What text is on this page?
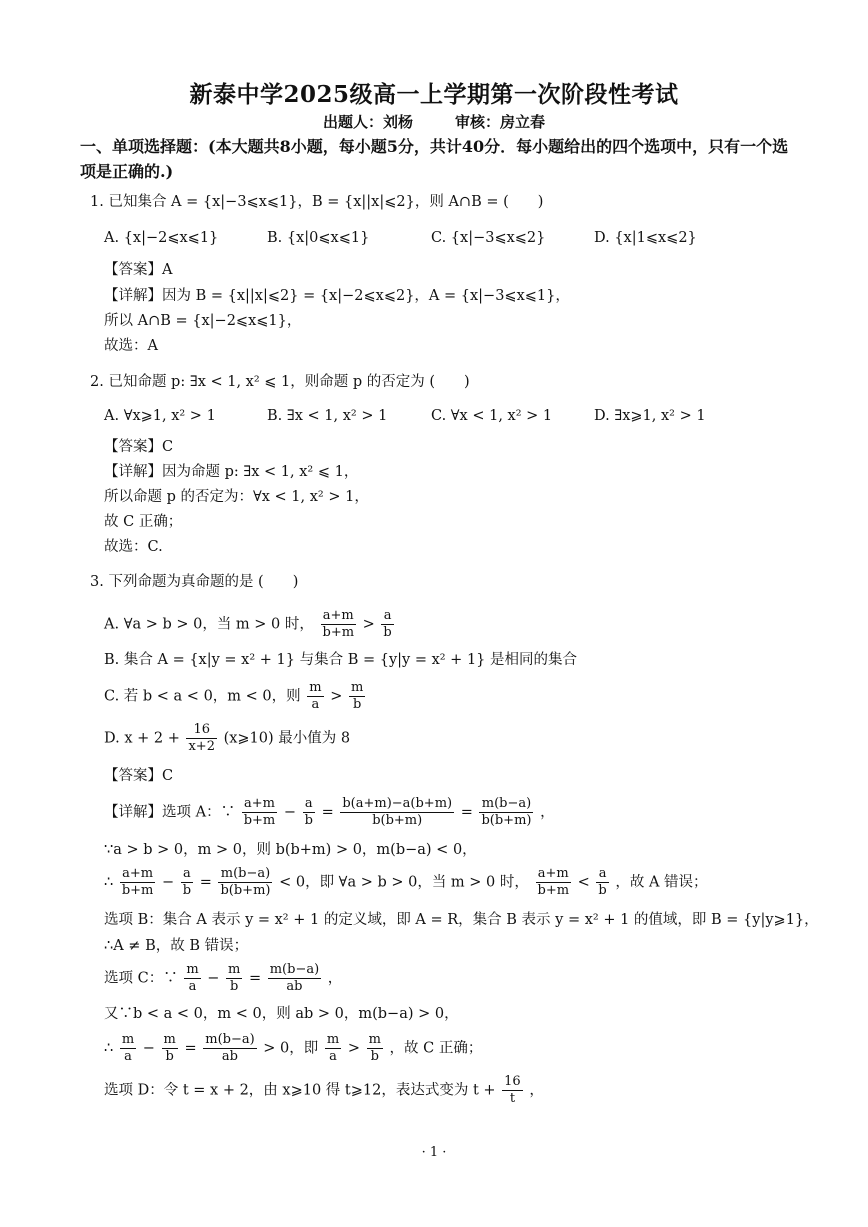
新泰中学2025级高一上学期第一次阶段性考试
出题人：刘杨	审核：房立春
一、单项选择题：(本大题共8小题，每小题5分，共计40分．每小题给出的四个选项中，只有一个选项是正确的.)
1. 已知集合 A = {x|−3⩽x⩽1}，B = {x||x|⩽2}，则 A∩B = (　　)
A. {x|−2⩽x⩽1}	B. {x|0⩽x⩽1}	C. {x|−3⩽x⩽2}	D. {x|1⩽x⩽2}
【答案】A
【详解】因为 B = {x||x|⩽2} = {x|−2⩽x⩽2}，A = {x|−3⩽x⩽1}，
所以 A∩B = {x|−2⩽x⩽1}，
故选：A
2. 已知命题 p: ∃x < 1, x² ⩽ 1，则命题 p 的否定为 (　　)
A. ∀x⩾1, x² > 1	B. ∃x < 1, x² > 1	C. ∀x < 1, x² > 1	D. ∃x⩾1, x² > 1
【答案】C
【详解】因为命题 p: ∃x < 1, x² ⩽ 1，
所以命题 p 的否定为：∀x < 1, x² > 1，
故 C 正确；
故选：C.
3. 下列命题为真命题的是 (　　)
A. ∀a > b > 0，当 m > 0 时， $\frac{a+m}{b+m} > \frac{a}{b}$
B. 集合 A = {x|y = x² + 1} 与集合 B = {y|y = x² + 1} 是相同的集合
C. 若 b < a < 0，m < 0，则 $\frac{m}{a} > \frac{m}{b}$
D. $x + 2 + \frac{16}{x+2}$ (x⩾10) 最小值为 8
【答案】C
【详解】选项 A：∵ $\frac{a+m}{b+m} - \frac{a}{b} = \frac{b(a+m)-a(b+m)}{b(b+m)} = \frac{m(b-a)}{b(b+m)}$ ，
∵a > b > 0，m > 0，则 b(b+m) > 0，m(b−a) < 0，
∴ $\frac{a+m}{b+m} - \frac{a}{b} = \frac{m(b-a)}{b(b+m)} < 0$，即 ∀a > b > 0，当 m > 0 时， $\frac{a+m}{b+m} < \frac{a}{b}$ ，故 A 错误；
选项 B：集合 A 表示 y = x² + 1 的定义域，即 A = R，集合 B 表示 y = x² + 1 的值域，即 B = {y|y⩾1}，
∴A ≠ B，故 B 错误；
选项 C：∵ $\frac{m}{a} - \frac{m}{b} = \frac{m(b-a)}{ab}$ ，
又∵b < a < 0，m < 0，则 ab > 0，m(b−a) > 0，
∴ $\frac{m}{a} - \frac{m}{b} = \frac{m(b-a)}{ab} > 0$，即 $\frac{m}{a} > \frac{m}{b}$ ，故 C 正确；
选项 D：令 t = x + 2，由 x⩾10 得 t⩾12，表达式变为 $t + \frac{16}{t}$ ，
· 1 ·
